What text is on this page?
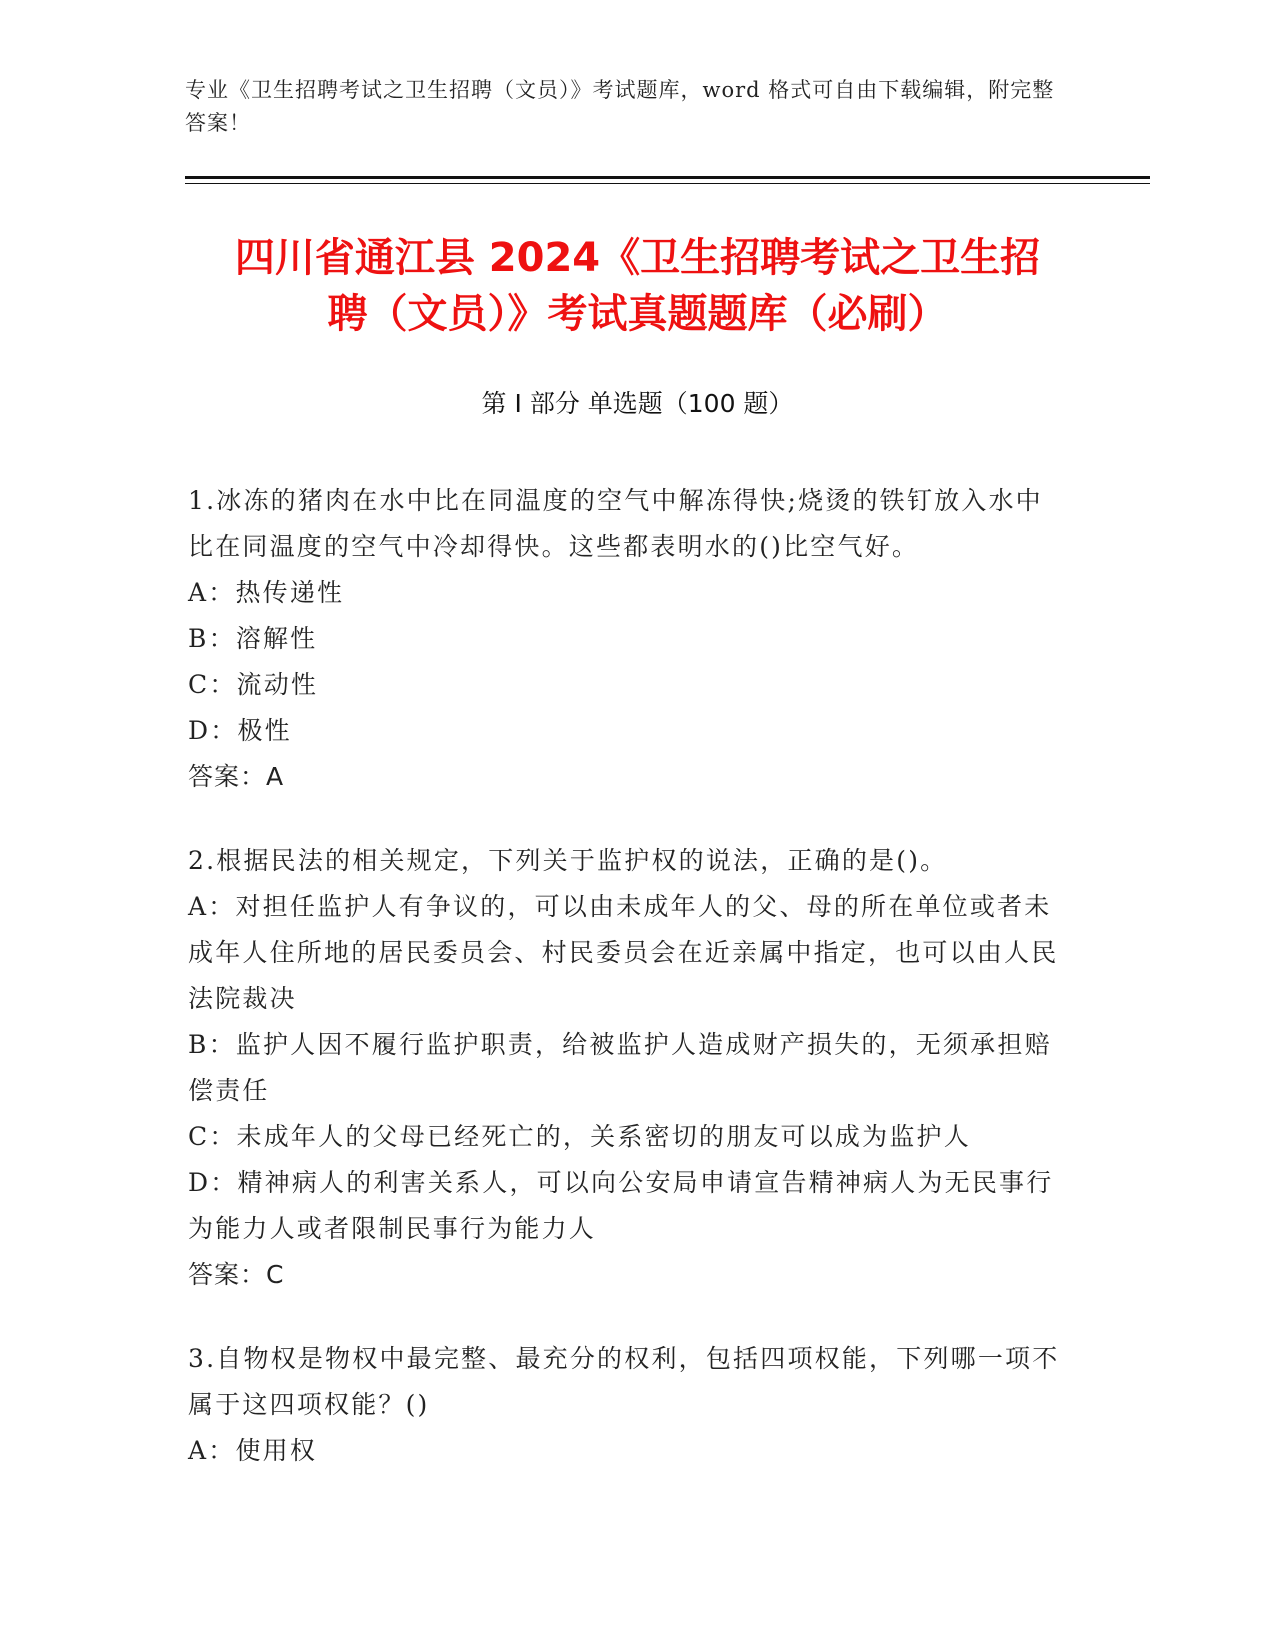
专业《卫生招聘考试之卫生招聘（文员）》考试题库，word 格式可自由下载编辑，附完整答案！
四川省通江县 2024《卫生招聘考试之卫生招
聘（文员）》考试真题题库（必刷）
第 I 部分 单选题（100 题）
1.冰冻的猪肉在水中比在同温度的空气中解冻得快;烧烫的铁钉放入水中比在同温度的空气中冷却得快。这些都表明水的()比空气好。
A：热传递性
B：溶解性
C：流动性
D：极性
答案：A
2.根据民法的相关规定，下列关于监护权的说法，正确的是()。
A：对担任监护人有争议的，可以由未成年人的父、母的所在单位或者未成年人住所地的居民委员会、村民委员会在近亲属中指定，也可以由人民法院裁决
B：监护人因不履行监护职责，给被监护人造成财产损失的，无须承担赔偿责任
C：未成年人的父母已经死亡的，关系密切的朋友可以成为监护人
D：精神病人的利害关系人，可以向公安局申请宣告精神病人为无民事行为能力人或者限制民事行为能力人
答案：C
3.自物权是物权中最完整、最充分的权利，包括四项权能，下列哪一项不属于这四项权能？()
A：使用权
